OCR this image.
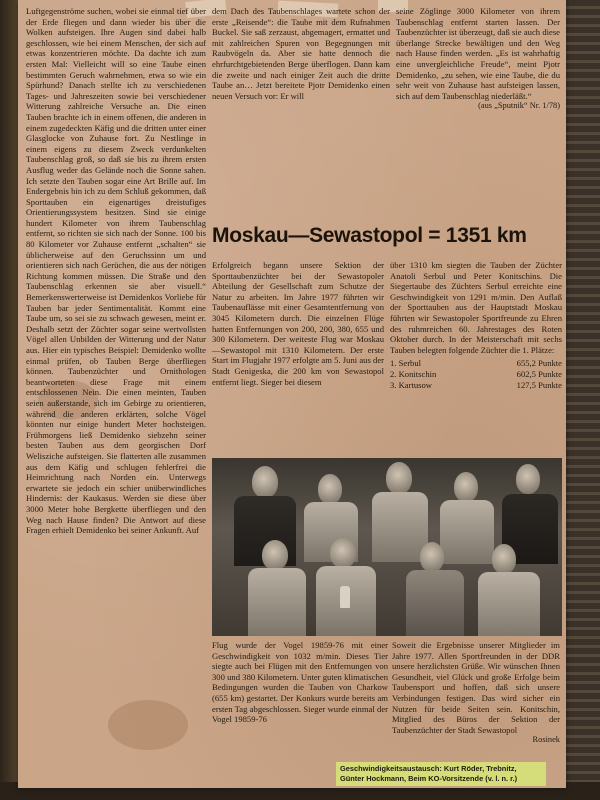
Luftgegenströme suchen, wobei sie einmal tief über der Erde fliegen und dann wieder bis über die Wolken aufsteigen. Ihre Augen sind dabei halb geschlossen, wie bei einem Menschen, der sich auf etwas konzentrieren möchte. Da dachte ich zum ersten Mal: Vielleicht will so eine Taube einen bestimmten Geruch wahrnehmen, etwa so wie ein Spürhund? Danach stellte ich zu verschiedenen Tages- und Jahreszeiten sowie bei verschiedener Witterung zahlreiche Versuche an. Die einen Tauben brachte ich in einem offenen, die anderen in einem zugedeckten Käfig und die dritten unter einer Glasglocke von Zuhause fort. Zu Nestlinge in einem eigens zu diesem Zweck verdunkelten Taubenschlag groß, so daß sie bis zu ihrem ersten Ausflug weder das Gelände noch die Sonne sahen. Ich setzte den Tauben sogar eine Art Brille auf. Im Endergebnis bin ich zu dem Schluß gekommen, daß Sporttauben ein eigenartiges dreistufiges Orientierungssystem besitzen. Sind sie einige hundert Kilometer von ihrem Taubenschlag entfernt, so richten sie sich nach der Sonne. 100 bis 80 Kilometer vor Zuhause entfernt „schalten“ sie üblicherweise auf den Geruchssinn um und orientieren sich nach Gerüchen, die aus der nötigen Richtung kommen müssen. Die Straße und den Taubenschlag erkennen sie aber visuell.“ Bemerkenswerterweise ist Demidenkos Vorliebe für Tauben bar jeder Sentimentalität. Kommt eine Taube um, so sei sie zu schwach gewesen, meint er. Deshalb setzt der Züchter sogar seine wertvollsten Vögel allen Unbilden der Witterung und der Natur aus. Hier ein typisches Beispiel: Demidenko wollte einmal prüfen, ob Tauben Berge überfliegen können. Taubenzüchter und Ornithologen beantworteten diese Frage mit einem entschlossenen Nein. Die einen meinten, Tauben seien außerstande, sich im Gebirge zu orientieren, während die anderen erklärten, solche Vögel könnten nur einige hundert Meter hochsteigen. Frühmorgens ließ Demidenko siebzehn seiner besten Tauben aus dem georgischen Dorf Welisziche aufsteigen. Sie flatterten alle zusammen aus dem Käfig und schlugen fehlerfrei die Heimrichtung nach Norden ein. Unterwegs erwartete sie jedoch ein schier unüberwindliches Hindernis: der Kaukasus. Werden sie diese über 3000 Meter hohe Bergkette überfliegen und den Weg nach Hause finden? Die Antwort auf diese Fragen erhielt Demidenko bei seiner Ankunft. Auf
dem Dach des Taubenschlages wartete schon der erste „Reisende“: die Taube mit dem Rufnahmen Buckel. Sie saß zerzaust, abgemagert, ermattet und mit zahlreichen Spuren von Begegnungen mit Raubvögeln da. Aber sie hatte dennoch die ehrfurchtgebietenden Berge überflogen. Dann kam die zweite und nach einiger Zeit auch die dritte Taube an… Jetzt bereitete Pjotr Demidenko einen neuen Versuch vor: Er will
seine Zöglinge 3000 Kilometer von ihrem Taubenschlag entfernt starten lassen. Der Taubenzüchter ist überzeugt, daß sie auch diese überlange Strecke bewältigen und den Weg nach Hause finden werden. „Es ist wahrhaftig eine unvergleichliche Freude“, meint Pjotr Demidenko, „zu sehen, wie eine Taube, die du sehr weit von Zuhause hast aufsteigen lassen, sich auf dem Taubenschlag niederläßt.“
(aus „Sputnik“ Nr. 1/78)
Moskau—Sewastopol = 1351 km
Erfolgreich begann unsere Sektion der Sporttaubenzüchter bei der Sewastopoler Abteilung der Gesellschaft zum Schutze der Natur zu arbeiten. Im Jahre 1977 führten wir Taubenauflässe mit einer Gesamtentfernung von 3045 Kilometern durch. Die einzelnen Flüge hatten Entfernungen von 200, 200, 380, 655 und 300 Kilometern. Der weiteste Flug war Moskau—Sewastopol mit 1310 Kilometern. Der erste Start im Flugjahr 1977 erfolgte am 5. Juni aus der Stadt Genigeska, die 200 km von Sewastopol entfernt liegt. Sieger bei diesem
über 1310 km siegten die Tauben der Züchter Anatoli Serbul und Peter Konitschins. Die Siegertaube des Züchters Serbul erreichte eine Geschwindigkeit von 1291 m/min. Den Auflaß der Sporttauben aus der Hauptstadt Moskau führten wir Sewastopoler Sportfreunde zu Ehren des ruhmreichen 60. Jahrestages des Roten Oktober durch. In der Meisterschaft mit sechs Tauben belegten folgende Züchter die 1. Plätze:
1. Serbul	655,2 Punkte
2. Konitschin	602,5 Punkte
3. Kartusow	127,5 Punkte
Flug wurde der Vogel 19859-76 mit einer Geschwindigkeit von 1032 m/min. Dieses Tier siegte auch bei Flügen mit den Entfernungen von 300 und 380 Kilometern. Unter guten klimatischen Bedingungen wurden die Tauben von Charkow (655 km) gestartet. Der Konkurs wurde bereits am ersten Tag abgeschlossen. Sieger wurde einmal der Vogel 19859-76
Soweit die Ergebnisse unserer Mitglieder im Jahre 1977. Allen Sportfreunden in der DDR unsere herzlichsten Grüße. Wir wünschen Ihnen Gesundheit, viel Glück und große Erfolge beim Taubensport und hoffen, daß sich unsere Verbindungen festigen. Das wird sicher ein Nutzen für beide Seiten sein. Konitschin, Mitglied des Büros der Sektion der Taubenzüchter der Stadt Sewastopol
Rosinek
Geschwindigkeitsaustausch: Kurt Röder, Trebnitz, Günter Hockmann, Beim KO-Vorsitzende (v. l. n. r.)
